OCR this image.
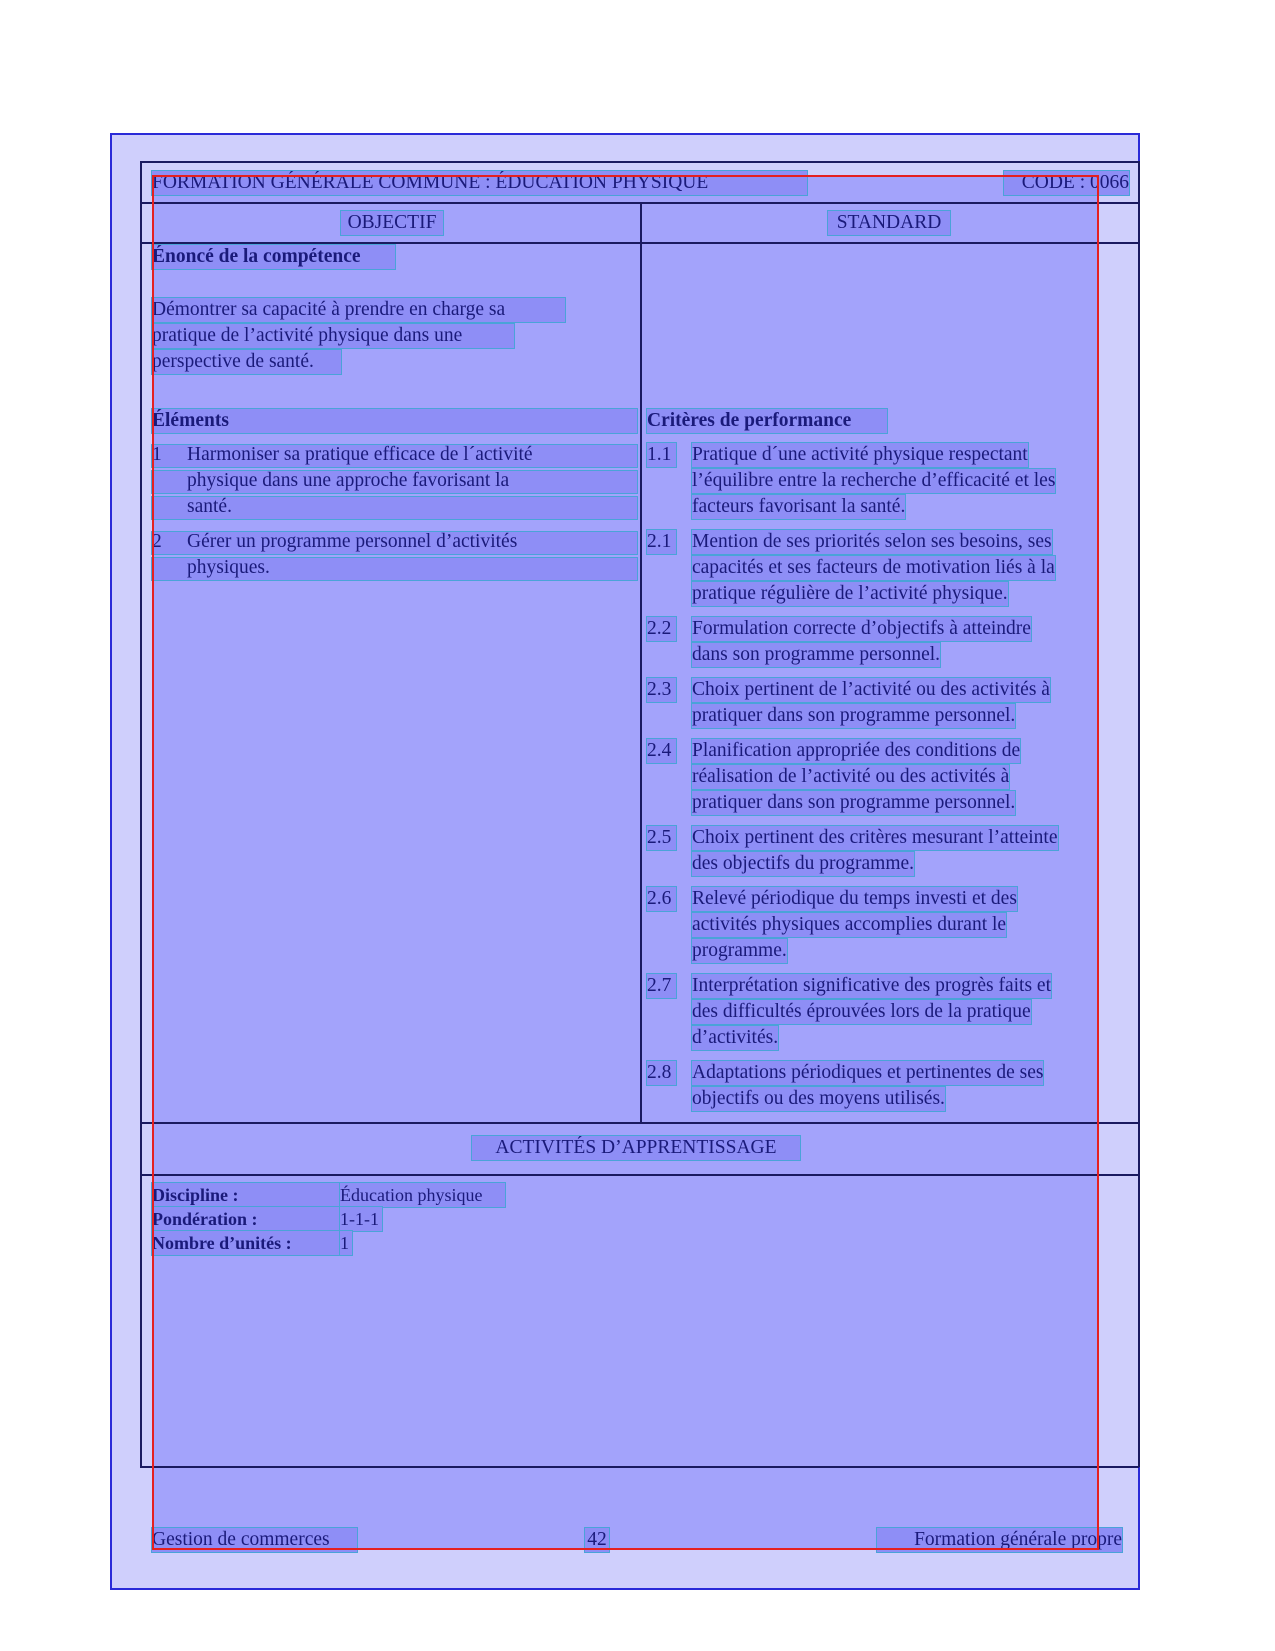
FORMATION GÉNÉRALE COMMUNE : ÉDUCATION PHYSIQUE	CODE : 0066
OBJECTIF	STANDARD
Énoncé de la compétence
Démontrer sa capacité à prendre en charge sa
pratique de l’activité physique dans une
perspective de santé.
Éléments	Critères de performance
1 Harmoniser sa pratique efficace de l´activité
physique dans une approche favorisant la
santé.
2 Gérer un programme personnel d’activités
physiques.
1.1 Pratique d´une activité physique respectant
l’équilibre entre la recherche d’efficacité et les
facteurs favorisant la santé.
2.1 Mention de ses priorités selon ses besoins, ses
capacités et ses facteurs de motivation liés à la
pratique régulière de l’activité physique.
2.2 Formulation correcte d’objectifs à atteindre
dans son programme personnel.
2.3 Choix pertinent de l’activité ou des activités à
pratiquer dans son programme personnel.
2.4 Planification appropriée des conditions de
réalisation de l’activité ou des activités à
pratiquer dans son programme personnel.
2.5 Choix pertinent des critères mesurant l’atteinte
des objectifs du programme.
2.6 Relevé périodique du temps investi et des
activités physiques accomplies durant le
programme.
2.7 Interprétation significative des progrès faits et
des difficultés éprouvées lors de la pratique
d’activités.
2.8 Adaptations périodiques et pertinentes de ses
objectifs ou des moyens utilisés.
ACTIVITÉS D’APPRENTISSAGE
Discipline :	Éducation physique
Pondération :	1-1-1
Nombre d’unités :	1
Gestion de commerces	42	Formation générale propre
